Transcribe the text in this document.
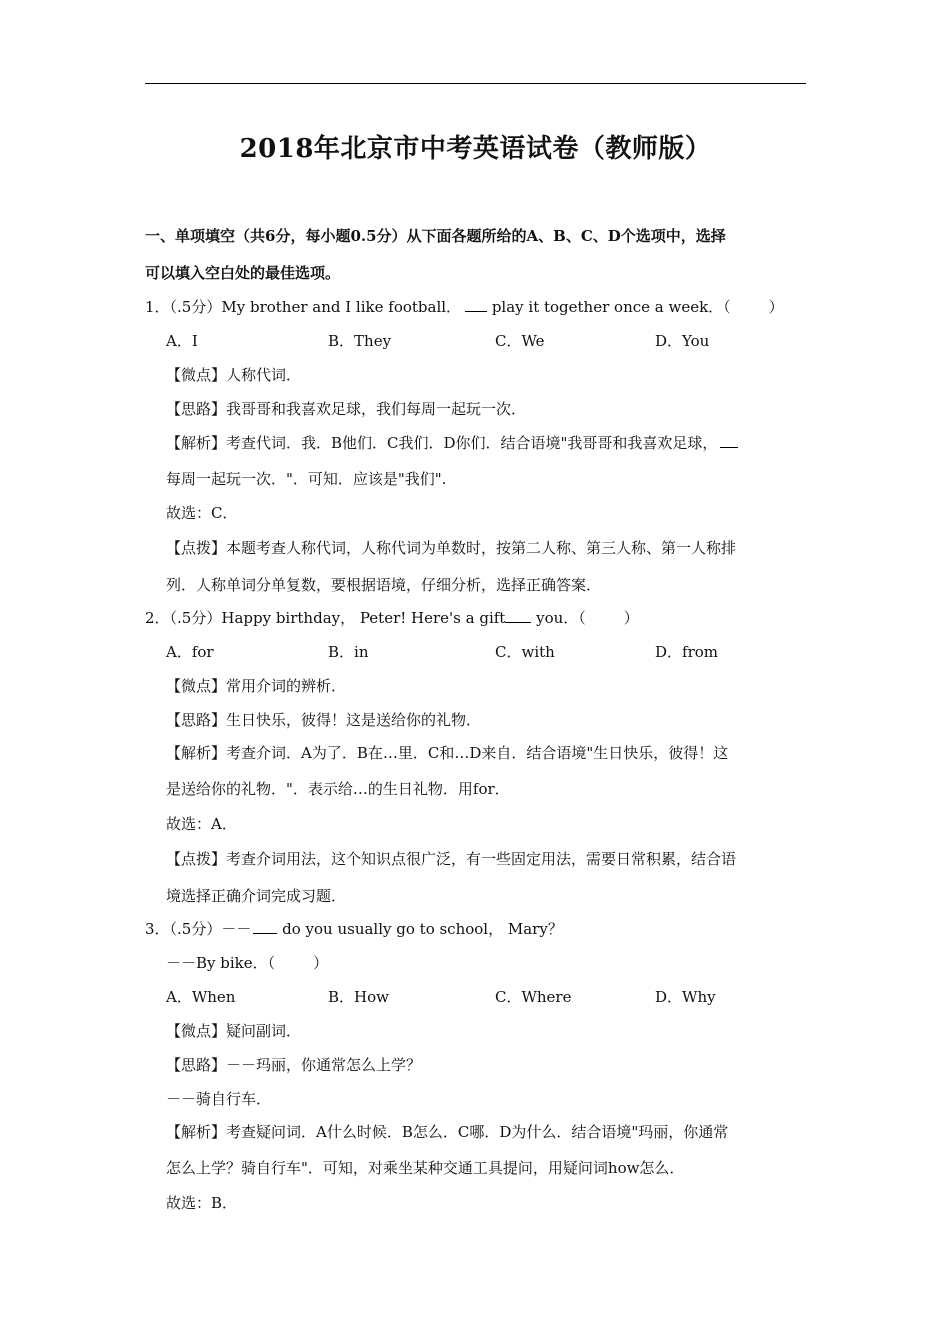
2018年北京市中考英语试卷（教师版）
一、单项填空（共6分，每小题0.5分）从下面各题所给的A、B、C、D个选项中，选择
可以填入空白处的最佳选项。
1．（.5分）My brother and I like football． play it together once a week．（	）
A．I	B．They	C．We	D．You
【微点】人称代词．
【思路】我哥哥和我喜欢足球，我们每周一起玩一次．
【解析】考查代词．我．B他们．C我们．D你们．结合语境"我哥哥和我喜欢足球，
每周一起玩一次．"．可知．应该是"我们".
故选：C．
【点拨】本题考查人称代词，人称代词为单数时，按第二人称、第三人称、第一人称排
列．人称单词分单复数，要根据语境，仔细分析，选择正确答案．
2．（.5分）Happy birthday， Peter! Here's a gift you．（	）
A．for	B．in	C．with	D．from
【微点】常用介词的辨析．
【思路】生日快乐，彼得！这是送给你的礼物．
【解析】考查介词．A为了．B在…里．C和…D来自．结合语境"生日快乐，彼得！这
是送给你的礼物．"．表示给…的生日礼物．用for．
故选：A．
【点拨】考查介词用法，这个知识点很广泛，有一些固定用法，需要日常积累，结合语
境选择正确介词完成习题．
3．（.5分）－－ do you usually go to school， Mary？
－－By bike．（	）
A．When	B．How	C．Where	D．Why
【微点】疑问副词．
【思路】－－玛丽，你通常怎么上学？
－－骑自行车．
【解析】考查疑问词．A什么时候．B怎么．C哪．D为什么．结合语境"玛丽，你通常
怎么上学？骑自行车"．可知，对乘坐某种交通工具提问，用疑问词how怎么．
故选：B．
